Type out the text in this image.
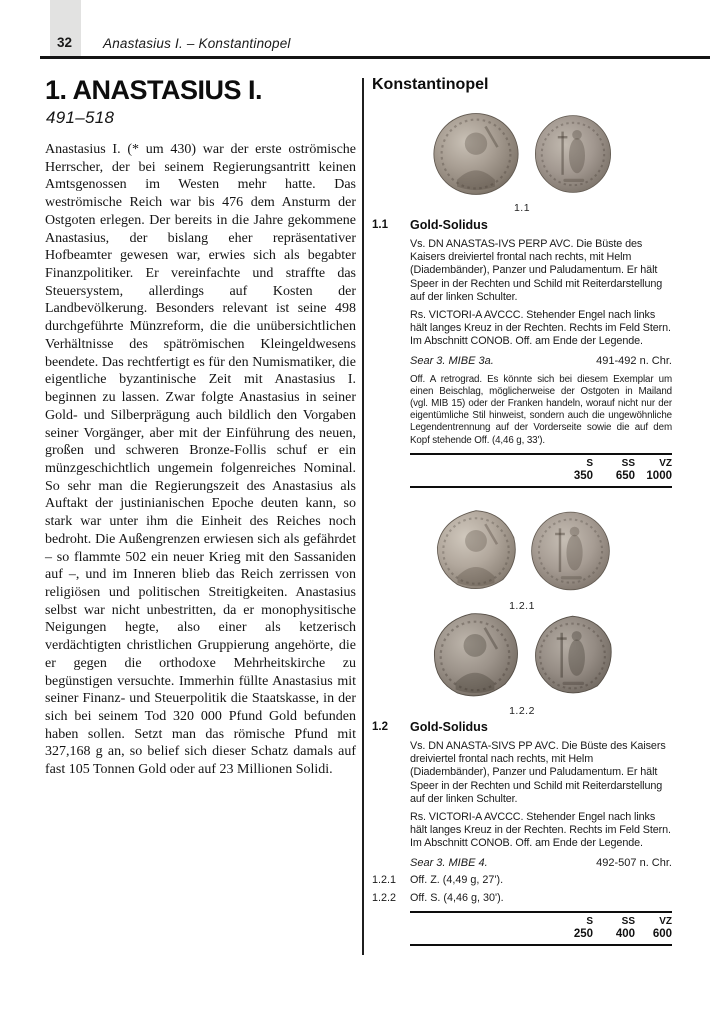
32	Anastasius I. – Konstantinopel
1. ANASTASIUS I.
491–518

Anastasius I. (* um 430) war der erste oströmische Herrscher, der bei seinem Regierungsantritt keinen Amtsgenossen im Westen mehr hatte. Das weströmische Reich war bis 476 dem Ansturm der Ostgoten erlegen. Der bereits in die Jahre gekommene Anastasius, der bislang eher repräsentativer Hofbeamter gewesen war, erwies sich als begabter Finanzpolitiker. Er vereinfachte und straffte das Steuersystem, allerdings auf Kosten der Landbevölkerung. Besonders relevant ist seine 498 durchgeführte Münzreform, die die unübersichtlichen Verhältnisse des spätrömischen Kleingeldwesens beendete. Das rechtfertigt es für den Numismatiker, die eigentliche byzantinische Zeit mit Anastasius I. beginnen zu lassen. Zwar folgte Anastasius in seiner Gold- und Silberprägung auch bildlich den Vorgaben seiner Vorgänger, aber mit der Einführung des neuen, großen und schweren Bronze-Follis schuf er ein münzgeschichtlich ungemein folgenreiches Nominal. So sehr man die Regierungszeit des Anastasius als Auftakt der justinianischen Epoche deuten kann, so stark war unter ihm die Einheit des Reiches noch bedroht. Die Außengrenzen erwiesen sich als gefährdet – so flammte 502 ein neuer Krieg mit den Sassaniden auf –, und im Inneren blieb das Reich zerrissen von religiösen und politischen Streitigkeiten. Anastasius selbst war nicht unbestritten, da er monophysitische Neigungen hegte, also einer als ketzerisch verdächtigten christlichen Gruppierung angehörte, die er gegen die orthodoxe Mehrheitskirche zu begünstigen versuchte. Immerhin füllte Anastasius mit seiner Finanz- und Steuerpolitik die Staatskasse, in der sich bei seinem Tod 320 000 Pfund Gold befunden haben sollen. Setzt man das römische Pfund mit 327,168 g an, so belief sich dieser Schatz damals auf fast 105 Tonnen Gold oder auf 23 Millionen Solidi.

Konstantinopel
1.1
1.1	Gold-Solidus

Vs. DN ANASTAS-IVS PERP AVC. Die Büste des Kaisers dreiviertel frontal nach rechts, mit Helm (Diadembänder), Panzer und Paludamentum. Er hält Speer in der Rechten und Schild mit Reiterdarstellung auf der linken Schulter.

Rs. VICTORI-A AVCCC. Stehender Engel nach links hält langes Kreuz in der Rechten. Rechts im Feld Stern. Im Abschnitt CONOB. Off. am Ende der Legende.

Sear 3. MIBE 3a.	491-492 n. Chr.

Off. A retrograd. Es könnte sich bei diesem Exemplar um einen Beischlag, möglicherweise der Ostgoten in Mailand (vgl. MIB 15) oder der Franken handeln, worauf nicht nur der eigentümliche Stil hinweist, sondern auch die ungewöhnliche Legendentrennung auf der Vorderseite sowie die auf dem Kopf stehende Off. (4,46 g, 33').

S	SS	VZ
350	650 1000
1.2.1
1.2.2
1.2	Gold-Solidus

Vs. DN ANASTA-SIVS PP AVC. Die Büste des Kaisers dreiviertel frontal nach rechts, mit Helm (Diadembänder), Panzer und Paludamentum. Er hält Speer in der Rechten und Schild mit Reiterdarstellung auf der linken Schulter.

Rs. VICTORI-A AVCCC. Stehender Engel nach links hält langes Kreuz in der Rechten. Rechts im Feld Stern. Im Abschnitt CONOB. Off. am Ende der Legende.

Sear 3. MIBE 4.	492-507 n. Chr.
1.2.1	Off. Z. (4,49 g, 27').
1.2.2	Off. S. (4,46 g, 30').
S	SS	VZ
250	400	600
